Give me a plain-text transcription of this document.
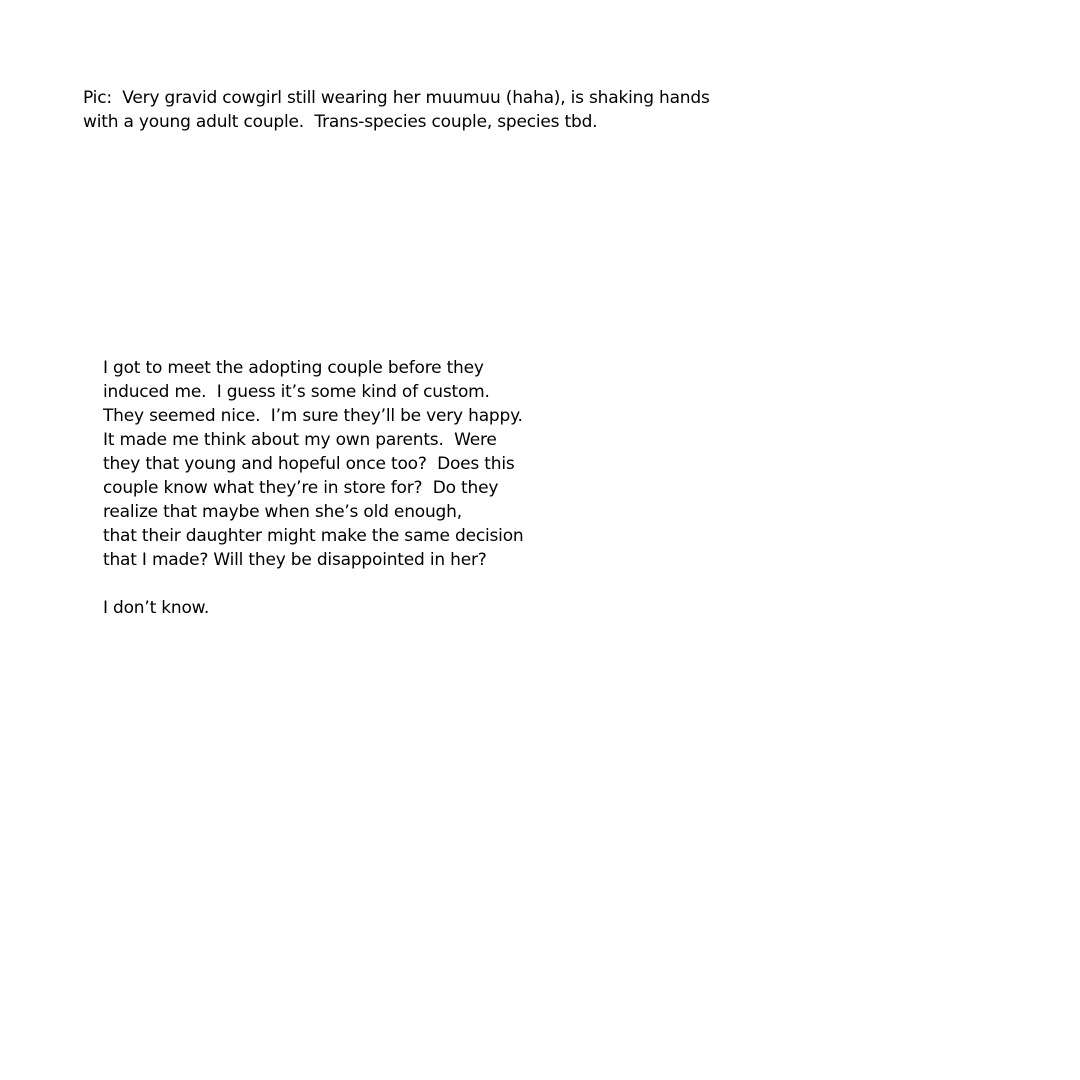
Pic:  Very gravid cowgirl still wearing her muumuu (haha), is shaking hands
with a young adult couple.  Trans-species couple, species tbd.
I got to meet the adopting couple before they
induced me.  I guess it’s some kind of custom.
They seemed nice.  I’m sure they’ll be very happy.
It made me think about my own parents.  Were
they that young and hopeful once too?  Does this
couple know what they’re in store for?  Do they
realize that maybe when she’s old enough,
that their daughter might make the same decision
that I made? Will they be disappointed in her?
I don’t know.
